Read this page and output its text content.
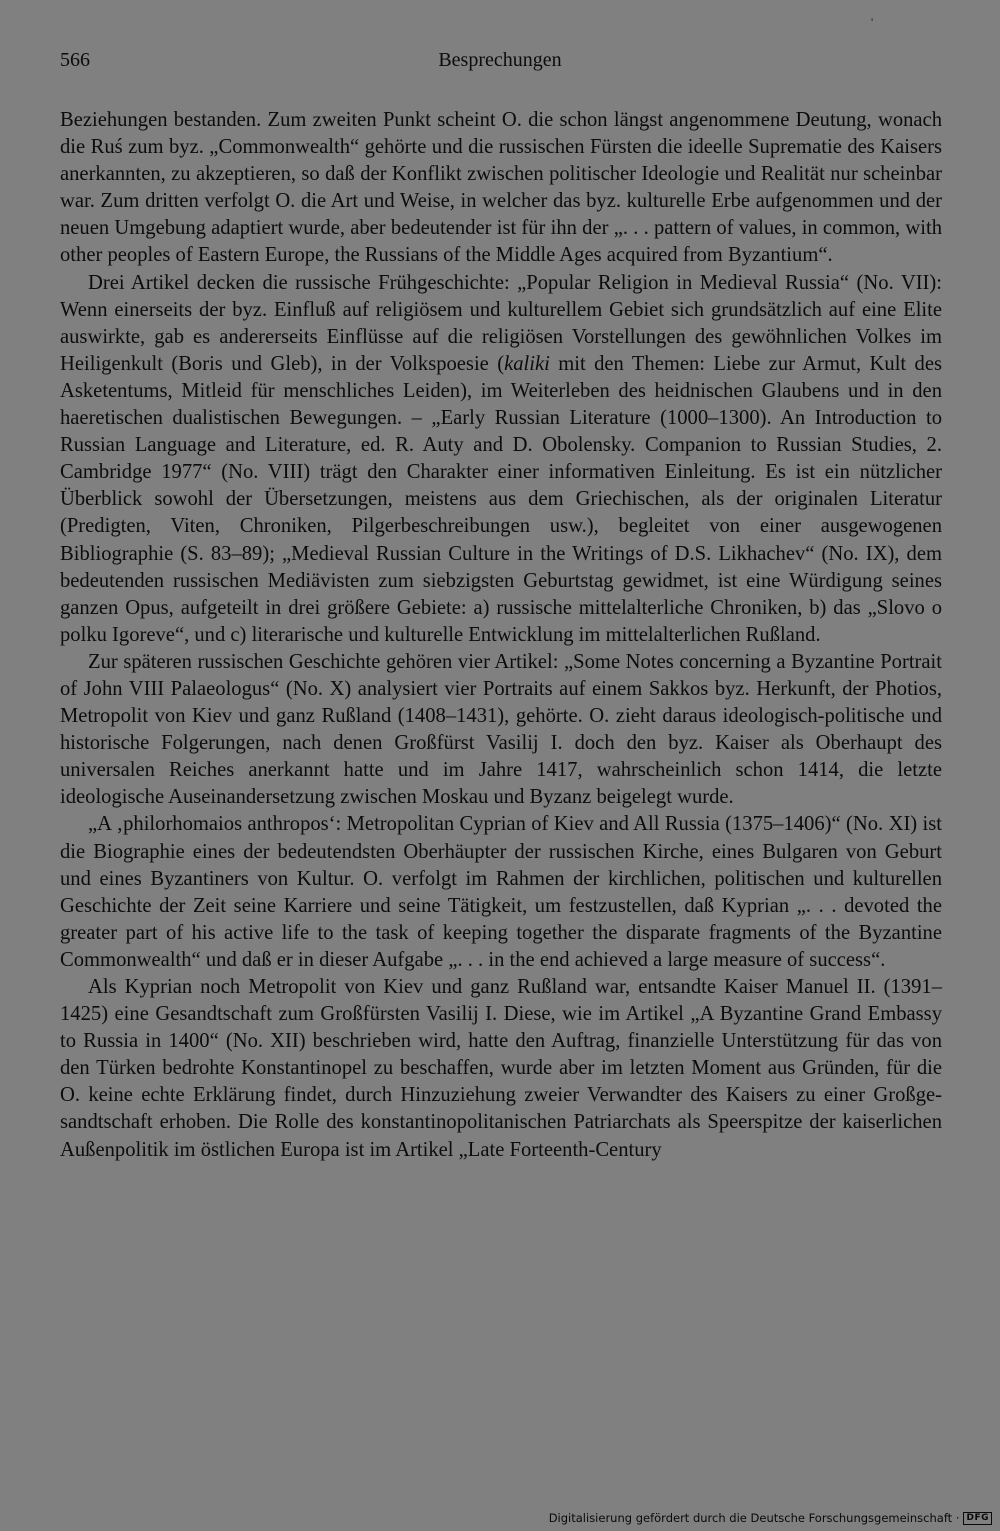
'
566	Besprechungen

Beziehungen bestanden. Zum zweiten Punkt scheint O. die schon längst angenommene Deutung, wonach die Ruś zum byz. „Commonwealth“ gehörte und die russischen Fürsten die ideelle Suprematie des Kaisers anerkannten, zu akzeptieren, so daß der Konflikt zwischen politischer Ideologie und Realität nur scheinbar war. Zum dritten verfolgt O. die Art und Weise, in welcher das byz. kulturelle Erbe aufgenommen und der neuen Umgebung adaptiert wurde, aber bedeutender ist für ihn der „. . . pattern of values, in common, with other peoples of Eastern Europe, the Russians of the Middle Ages acquired from Byzantium“.

Drei Artikel decken die russische Frühgeschichte: „Popular Religion in Medieval Russia“ (No. VII): Wenn einerseits der byz. Einfluß auf religiösem und kulturellem Gebiet sich grundsätzlich auf eine Elite auswirkte, gab es andererseits Einflüsse auf die religiösen Vorstellungen des gewöhnlichen Volkes im Heiligenkult (Boris und Gleb), in der Volkspoesie (kaliki mit den Themen: Liebe zur Armut, Kult des Asketentums, Mitleid für menschliches Leiden), im Weiterleben des heidnischen Glaubens und in den haeretischen dualistischen Bewegungen. – „Early Russian Literature (1000–1300). An Introduction to Russian Language and Literature, ed. R. Auty and D. Obolensky. Companion to Russian Studies, 2. Cambridge 1977“ (No. VIII) trägt den Charakter einer informativen Einleitung. Es ist ein nützlicher Überblick sowohl der Übersetzungen, meistens aus dem Griechischen, als der originalen Literatur (Predigten, Viten, Chroniken, Pilgerbeschreibungen usw.), begleitet von einer ausgewogenen Bibliographie (S. 83–89); „Medieval Russian Culture in the Writings of D.S. Likhachev“ (No. IX), dem bedeutenden russischen Mediävisten zum siebzigsten Geburtstag gewidmet, ist eine Würdigung seines ganzen Opus, aufgeteilt in drei größere Gebiete: a) russische mittelalterliche Chroniken, b) das „Slovo o polku Igoreve“, und c) literarische und kulturelle Entwicklung im mittelalterlichen Rußland.

Zur späteren russischen Geschichte gehören vier Artikel: „Some Notes concerning a Byzantine Portrait of John VIII Palaeologus“ (No. X) analysiert vier Portraits auf einem Sakkos byz. Herkunft, der Photios, Metropolit von Kiev und ganz Rußland (1408–1431), gehörte. O. zieht daraus ideologisch-politische und historische Folgerungen, nach denen Großfürst Vasilij I. doch den byz. Kaiser als Oberhaupt des universalen Reiches anerkannt hatte und im Jahre 1417, wahrscheinlich schon 1414, die letzte ideologische Auseinandersetzung zwischen Moskau und Byzanz beigelegt wurde.

„A ‚philorhomaios anthropos‘: Metropolitan Cyprian of Kiev and All Russia (1375–1406)“ (No. XI) ist die Biographie eines der bedeutendsten Oberhäupter der russischen Kirche, eines Bulgaren von Geburt und eines Byzantiners von Kultur. O. verfolgt im Rahmen der kirchlichen, politischen und kulturellen Geschichte der Zeit seine Karriere und seine Tätigkeit, um festzustellen, daß Kyprian „. . . devoted the greater part of his active life to the task of keeping together the disparate fragments of the Byzantine Commonwealth“ und daß er in dieser Aufgabe „. . . in the end achieved a large measure of success“.

Als Kyprian noch Metropolit von Kiev und ganz Rußland war, entsandte Kaiser Manuel II. (1391–1425) eine Gesandtschaft zum Großfürsten Vasilij I. Diese, wie im Artikel „A Byzantine Grand Embassy to Russia in 1400“ (No. XII) beschrieben wird, hatte den Auftrag, finanzielle Unterstützung für das von den Türken bedrohte Konstantinopel zu beschaffen, wurde aber im letzten Moment aus Gründen, für die O. keine echte Erklärung findet, durch Hinzuziehung zweier Verwandter des Kaisers zu einer Großgesandtschaft erhoben. Die Rolle des konstantinopolitanischen Patriarchats als Speerspitze der kaiserlichen Außenpolitik im östlichen Europa ist im Artikel „Late Forteenth-Century

Digitalisierung gefördert durch die Deutsche Forschungsgemeinschaft · DFG
